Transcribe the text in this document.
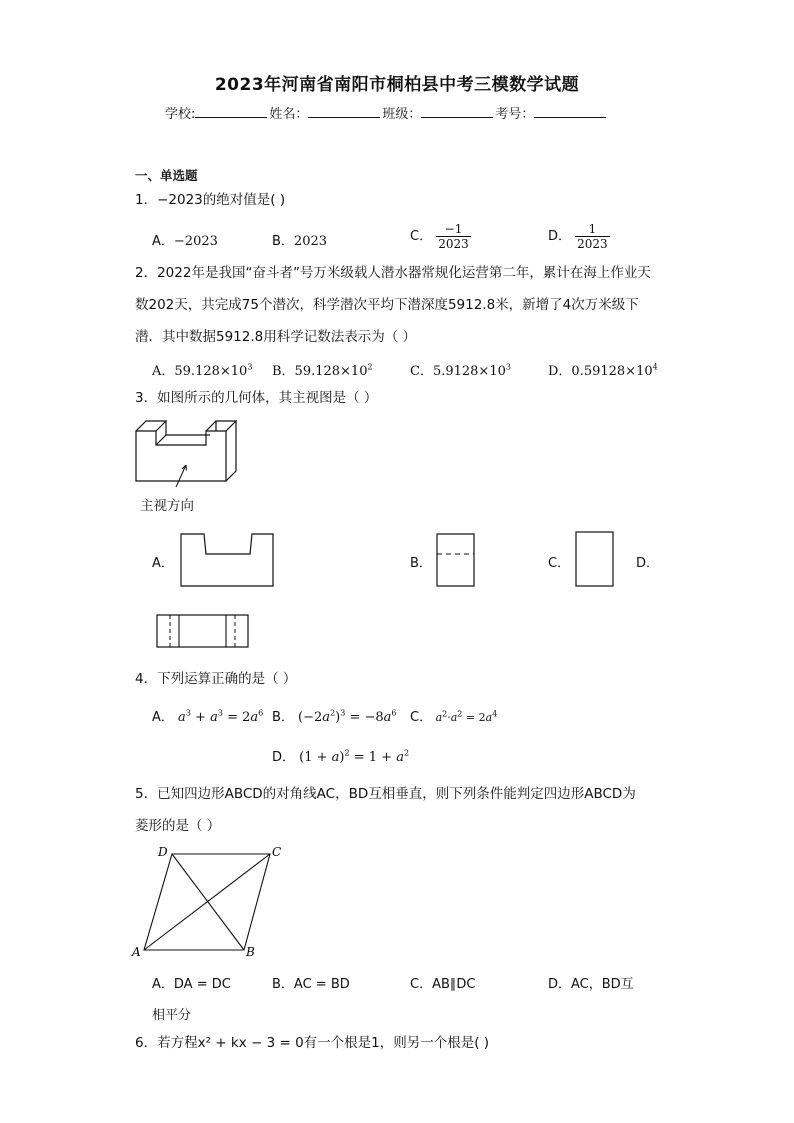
2023年河南省南阳市桐柏县中考三模数学试题
学校:	姓名：	班级：	考号：
一、单选题
1．−2023的绝对值是( )
A．−2023	B．2023	C． $\frac{-1}{2023}$	D． $\frac{1}{2023}$
2．2022年是我国“奋斗者”号万米级载人潜水器常规化运营第二年，累计在海上作业天
数202天，共完成75个潜次，科学潜次平均下潜深度5912.8米，新增了4次万米级下
潜．其中数据5912.8用科学记数法表示为（ ）
A．$59.128\times 10^3$ B．$59.128\times 10^2$	C．$5.9128\times 10^3$	D．$0.59128\times 10^4$
3．如图所示的几何体，其主视图是（ ）
主视方向
A．	B．	C．	D．
4．下列运算正确的是（ ）
A． $a^3 + a^3 = 2a^6$ B． $(-2a^2)^3 = -8a^6$ C． $a^2\cdot a^2 = 2a^4$
D． $(1 + a)^2 = 1 + a^2$
5．已知四边形ABCD的对角线AC，BD互相垂直，则下列条件能判定四边形ABCD为
菱形的是（ ）
A	B
C
D
A．DA = DC	B．AC = BD	C．AB∥DC	D．AC，BD互
相平分
6．若方程x² + kx − 3 = 0有一个根是1，则另一个根是( )
